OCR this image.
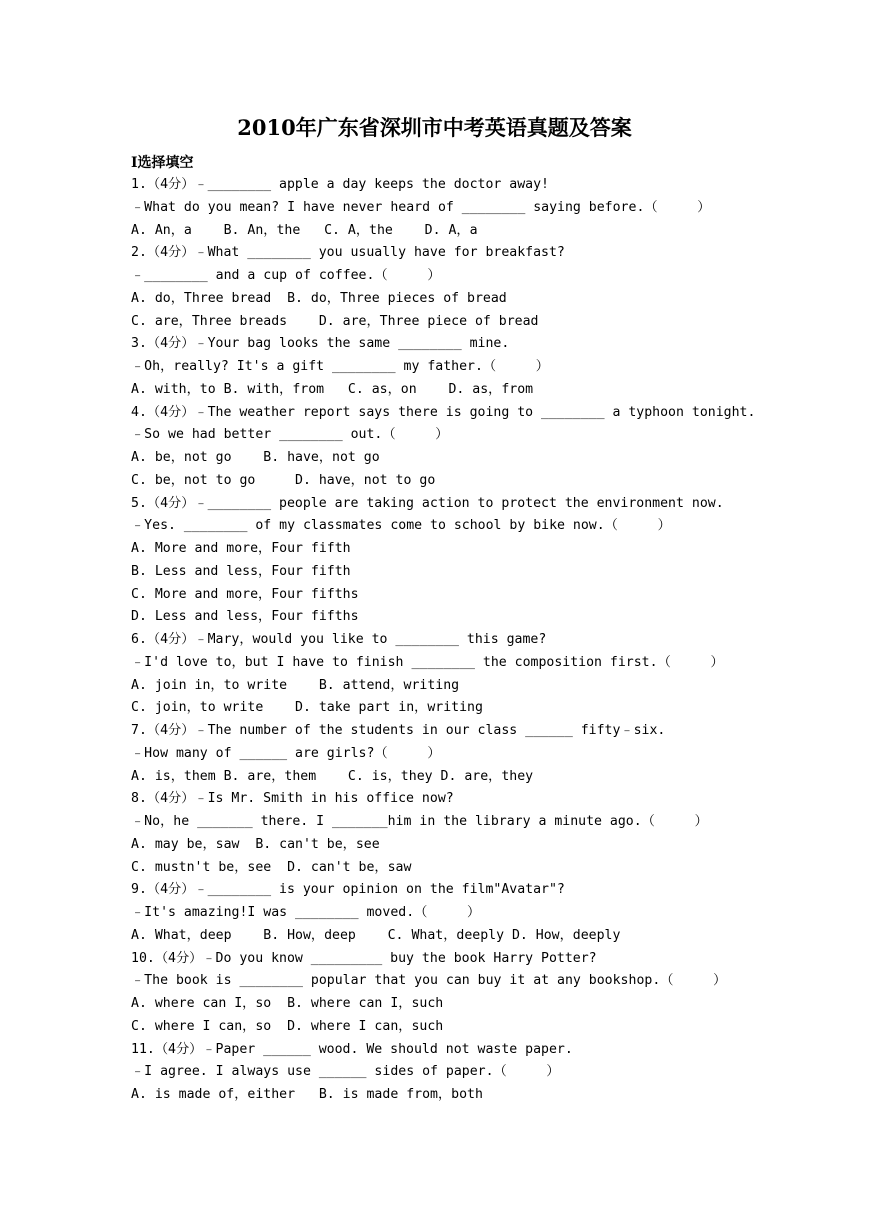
2010年广东省深圳市中考英语真题及答案
I选择填空
1.（4分）﹣________ apple a day keeps the doctor away!
﹣What do you mean? I have never heard of ________ saying before.（     ）
A. An，a    B. An，the   C. A，the    D. A，a
2.（4分）﹣What ________ you usually have for breakfast?
﹣________ and a cup of coffee.（     ）
A. do，Three bread  B. do，Three pieces of bread
C. are，Three breads    D. are，Three piece of bread
3.（4分）﹣Your bag looks the same ________ mine.
﹣Oh，really? It's a gift ________ my father.（     ）
A. with，to B. with，from   C. as，on    D. as，from
4.（4分）﹣The weather report says there is going to ________ a typhoon tonight.
﹣So we had better ________ out.（     ）
A. be，not go    B. have，not go
C. be，not to go     D. have，not to go
5.（4分）﹣________ people are taking action to protect the environment now.
﹣Yes. ________ of my classmates come to school by bike now.（     ）
A. More and more，Four fifth
B. Less and less，Four fifth
C. More and more，Four fifths
D. Less and less，Four fifths
6.（4分）﹣Mary，would you like to ________ this game?
﹣I'd love to，but I have to finish ________ the composition first.（     ）
A. join in，to write    B. attend，writing
C. join，to write    D. take part in，writing
7.（4分）﹣The number of the students in our class ______ fifty﹣six.
﹣How many of ______ are girls?（     ）
A. is，them B. are，them    C. is，they D. are，they
8.（4分）﹣Is Mr. Smith in his office now?
﹣No，he _______ there. I _______him in the library a minute ago.（     ）
A. may be，saw  B. can't be，see
C. mustn't be，see  D. can't be，saw
9.（4分）﹣________ is your opinion on the film"Avatar"?
﹣It's amazing!I was ________ moved.（     ）
A. What，deep    B. How，deep    C. What，deeply D. How，deeply
10.（4分）﹣Do you know _________ buy the book Harry Potter?
﹣The book is ________ popular that you can buy it at any bookshop.（     ）
A. where can I，so  B. where can I，such
C. where I can，so  D. where I can，such
11.（4分）﹣Paper ______ wood. We should not waste paper.
﹣I agree. I always use ______ sides of paper.（     ）
A. is made of，either   B. is made from，both
